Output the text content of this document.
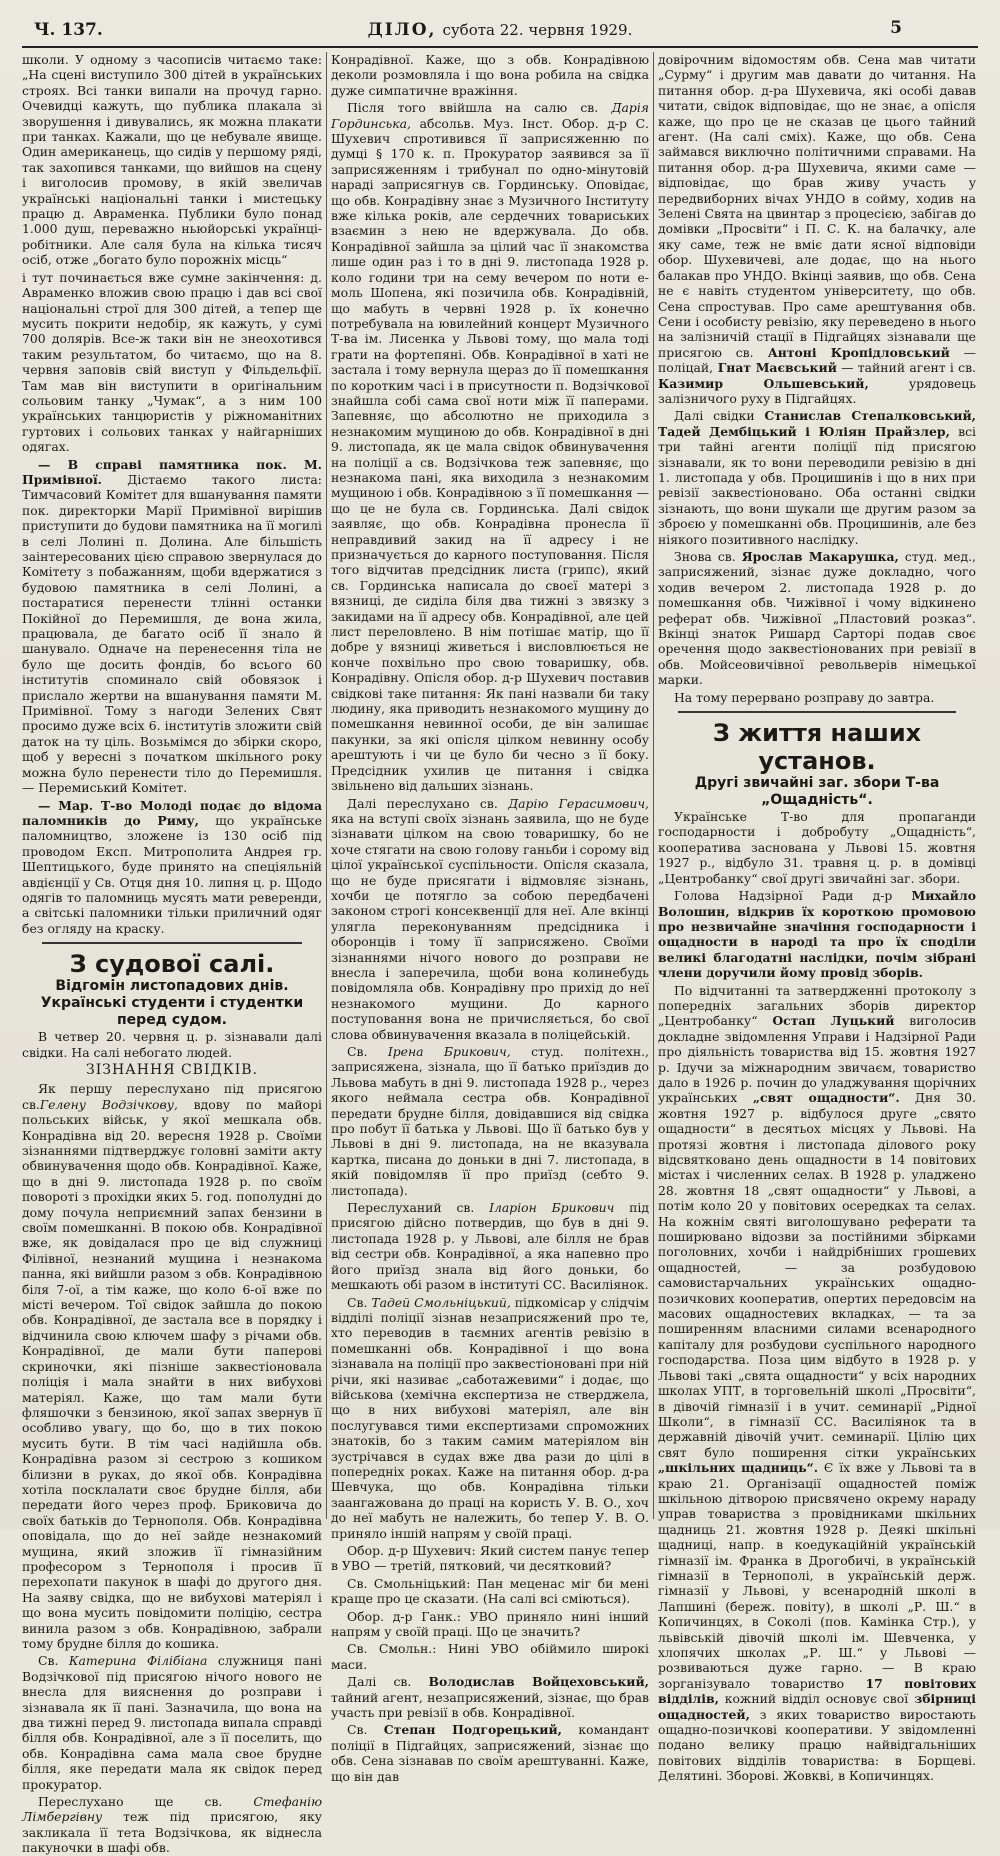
Ч. 137.	ДІЛО, субота 22. червня 1929.	5

школи. У одному з часописів читаємо таке: „На сцені виступило 300 дітей в українських строях. Всі танки випали на прочуд гарно. Очевидці кажуть, що публика плакала зі зворушення і дивувались, як можна плакати при танках. Кажали, що це небувале явище. Один американець, що сидів у першому ряді, так захопився танками, що вийшов на сцену і виголосив промову, в якій звеличав українські національні танки і мистецьку працю д. Авраменка. Публики було понад 1.000 душ, переважно ньюйорські українці-робітники. Але саля була на кілька тисяч осіб, отже „богато було порожніх місць“

і тут починається вже сумне закінчення: д. Авраменко вложив свою працю і дав всі свої національні строї для 300 дітей, а тепер ще мусить покрити недобір, як кажуть, у сумі 700 долярів. Все-ж таки він не знеохотився таким результатом, бо читаємо, що на 8. червня заповів свій виступ у Фільдельфії. Там мав він виступити в оригінальним сольовим танку „Чумак“, а з ним 100 українських танцюристів у ріжноманітних гуртових і сольових танках у найгарніших одягах.

— В справі памятника пок. М. Примівної. Дістаємо такого листа: Тимчасовий Комітет для вшанування памяти пок. директорки Марії Примівної вирішив приступити до будови памятника на її могилі в селі Лолині п. Долина. Але більшість заінтересованих цією справою звернулася до Комітету з побажанням, щоби вдержатися з будовою памятника в селі Лолині, а постаратися перенести тлінні останки Покійної до Перемишля, де вона жила, працювала, де багато осіб її знало й шанувало. Одначе на перенесення тіла не було ще досить фондів, бо всього 60 інститутів споминало свій обовязок і прислало жертви на вшанування памяти М. Примівної. Тому з нагоди Зелених Свят просимо дуже всіх 6. інститутів зложити свій даток на ту ціль. Возьмімся до збірки скоро, щоб у вересні з початком шкільного року можна було перенести тіло до Перемишля. — Перемиський Комітет.

— Мар. Т-во Молоді подає до відома паломників до Риму, що українське паломництво, зложене із 130 осіб під проводом Експ. Митрополита Андрея гр. Шептицького, буде принято на спеціяльній авдієнції у Св. Отця дня 10. липня ц. р. Щодо одягів то паломниць мусять мати реверенди, а світські паломники тільки приличний одяг без огляду на краску.

З судової салі.
Відгомін листопадових днів.
Українські студенти і студентки перед судом.

В четвер 20. червня ц. р. зізнавали далі свідки. На салі небогато людей.

ЗІЗНАННЯ СВІДКІВ.

Як першу переслухано під присягою св.Гелену Водзічкову, вдову по майорі польських військ, у якої мешкала обв. Конрадівна від 20. вересня 1928 р. Своїми зізнаннями підтверджує головні заміти акту обвинувачення щодо обв. Конрадівної. Каже, що в дні 9. листопада 1928 р. по своїм повороті з прохідки яких 5. год. пополудні до дому почула неприємний запах бензини в своїм помешканні. В покою обв. Конрадівної вже, як довідалася про це від служниці Філівної, незнаний мущина і незнакома панна, які вийшли разом з обв. Конрадівною біля 7-ої, а тім каже, що коло 6-ої вже по місті вечером. Тої свідок зайшла до покою обв. Конрадівної, де застала все в порядку і відчинила свою ключем шафу з річами обв. Конрадівної, де мали бути паперові скриночки, які пізніше заквестіоновала поліція і мала знайти в них вибухові матеріял. Каже, що там мали бути фляшочки з бензиною, якої запах звернув її особливо увагу, що бо, що в тих покою мусить бути. В тім часі надійшла обв. Конрадівна разом зі сестрою з кошиком білизни в руках, до якої обв. Конрадівна хотіла посклалати своє брудне білля, аби передати його через проф. Бриковича до своїх батьків до Тернополя. Обв. Конрадівна оповідала, що до неї зайде незнакомий мущина, який зложив її гімназійним професором з Тернополя і просив її перехопати пакунок в шафі до другого дня. На заяву свідка, що не вибухові матеріял і що вона мусить повідомити поліцію, сестра винила разом з обв. Конрадівною, забрали тому брудне білля до кошика.

Св. Катерина Філібіана служниця пані Водзічкової під присягою нічого нового не внесла для вияснення до розправи і зізнавала як її пані. Зазначила, що вона на два тижні перед 9. листопада випала справді білля обв. Конрадівної, але з її поселить, що обв. Конрадівна сама мала свое брудне білля, яке передати мала як свідок перед прокуратор.

Переслухано ще св. Стефанію Лімбергівну теж під присягою, яку закликала її тета Водзічкова, як віднесла пакуночки в шафі обв.

Конрадівної. Каже, що з обв. Конрадівною деколи розмовляла і що вона робила на свідка дуже симпатичне вражіння.

Після того ввійшла на салю св. Дарія Гординська, абсольв. Муз. Інст. Обор. д-р С. Шухевич спротивився її заприсяженню по думці § 170 к. п. Прокуратор заявився за її заприсяженням і трибунал по одно-мінутовій нараді заприсягнув св. Гординську. Оповідає, що обв. Конрадівну знає з Музичного Інституту вже кілька років, але сердечних товариських взаємин з нею не вдержувала. До обв. Конрадівної зайшла за цілий час її знакомства лише один раз і то в дні 9. листопада 1928 р. коло години три на сему вечером по ноти е-моль Шопена, які позичила обв. Конрадівній, що мабуть в червні 1928 р. їх конечно потребувала на ювилейний концерт Музичного Т-ва ім. Лисенка у Львові тому, що мала тоді грати на фортепяні. Обв. Конрадівної в хаті не застала і тому вернула щераз до її помешкання по коротким часі і в присутности п. Водзічкової знайшла собі сама свої ноти між її паперами. Запевняє, що абсолютно не приходила з незнакомим мущиною до обв. Конрадівної в дні 9. листопада, як це мала свідок обвинувачення на поліції а св. Водзічкова теж запевняє, що незнакома пані, яка виходила з незнакомим мущиною і обв. Конрадівною з її помешкання — що це не була св. Гординська. Далі свідок заявляє, що обв. Конрадівна пронесла її неправдивий закид на її адресу і не призначується до карного поступовання. Після того відчитав предсідник листа (грипс), який св. Гординська написала до своєї матері з вязниці, де сиділа біля два тижні з звязку з закидами на її адресу обв. Конрадівної, але цей лист переловлено. В нім потішає матір, що її добре у вязниці живеться і висловлюється не конче похвільно про свою товаришку, обв. Конрадівну. Опісля обор. д-р Шухевич поставив свідкові таке питання: Як пані назвали би таку людину, яка приводить незнакомого мущину до помешкання невинної особи, де він залишає пакунки, за які опісля цілком невинну особу арештують і чи це було би чесно з її боку. Предсідник ухилив це питання і свідка звільнено від дальших зізнань.

Далі переслухано св. Дарію Герасимович, яка на вступі своїх зізнань заявила, що не буде зізнавати цілком на свою товаришку, бо не хоче стягати на свою голову ганьби і сорому від цілої української суспільности. Опісля сказала, що не буде присягати і відмовляє зізнань, хочби це потягло за собою передбачені законом строгі консеквенції для неї. Але вкінці уляглa переконуванням предсідника і оборонців і тому її заприсяжено. Своїми зізнаннями нічого нового до розправи не внесла і заперечила, щоби вона колинебудь повідомляла обв. Конрадівну про прихід до неї незнакомого мущини. До карного поступовання вона не причисляється, бо свої слова обвинувачення вказала в поліцейській.

Св. Ірена Брикович, студ. політехн., заприсяжена, зізнала, що її батько приїздив до Львова мабуть в дні 9. листопада 1928 р., через якого неймала сестра обв. Конрадівної передати брудне білля, довідавшися від свідка про побут її батька у Львові. Що її батько був у Львові в дні 9. листопада, на не вказувала картка, писана до доньки в дні 7. листопада, в якій повідомляв її про приїзд (себто 9. листопада).

Переслуханий св. Іларіон Брикович під присягою дійсно потвердив, що був в дні 9. листопада 1928 р. у Львові, але білля не брав від сестри обв. Конрадівної, а яка напевно про його приїзд знала від його доньки, бо мешкають обі разом в інституті СС. Василіянок.

Св. Тадей Смольніцький, підкомісар у слідчім відділі поліції зізнав незаприсяжений про те, хто переводив в таємних агентів ревізію в помешканні обв. Конрадівної і що вона зізнавала на поліції про заквестіоновані при ній річи, які називає „саботажевими“ і додає, що військова (хемічна експертиза не стверджела, що в них вибухові матеріял, але він послугувався тими експертизами спроможних знатоків, бо з таким самим матеріялом він зустрічався в судах вже два рази до цілі в попередніх роках. Каже на питання обор. д-ра Шевчука, що обв. Конрадівна тільки заангажована до праці на користь У. В. О., хоч до неї мабуть не належить, бо тепер У. В. О. приняло іншій напрям у своїй праці.

Обор. д-р Шухевич: Який систем панує тепер в УВО — третій, пятковий, чи десятковий?

Св. Смольніцький: Пан меценас міг би мені краще про це сказати. (На салі всі сміються).

Обор. д-р Ганк.: УВО приняло нині інший напрям у своїй праці. Що це значить?

Св. Смольн.: Нині УВО обіймило широкі маси.

Далі св. Володислав Войцеховський, тайний агент, незаприсяжений, зізнає, що брав участь при ревізії в обв. Конрадівної.

Св. Степан Подгорецький, командант поліції в Підгайцях, заприсяжений, зізнає що обв. Сена зізнавав по своїм арештуванні. Каже, що він дав

довірочним відомостям обв. Сена мав читати „Сурму“ і другим мав давати до читання. На питання обор. д-ра Шухевича, які особі давав читати, свідок відповідає, що не знає, а опісля каже, що про це не сказав це цього тайний агент. (На салі сміх). Каже, що обв. Сена займався виключно політичними справами. На питання обор. д-ра Шухевича, якими саме — відповідає, що брав живу участь у передвиборних вічах УНДО в сойму, ходив на Зелені Свята на цвинтар з процесією, забігав до домівки „Просвіти“ і П. С. К. на балачку, але яку саме, теж не вміє дати ясної відповіди обор. Шухевичеві, але додає, що на нього балакав про УНДО. Вкінці заявив, що обв. Сена не є навіть студентом університету, що обв. Сена спростував. Про саме арештування обв. Сени і особисту ревізію, яку переведено в нього на залізничій стації в Підгайцях зізнавали ще присягою св. Антоні Кропідловський — поліцай, Гнат Маєвський — тайний агент і св. Казимир Ольшевський, урядовець залізничого руху в Підгайцях.

Далі свідки Станислав Степалковський, Тадей Дембіцький і Юліян Прайзлер, всі три тайні агенти поліції під присягою зізнавали, як то вони переводили ревізію в дні 1. листопада у обв. Процишинів і що в них при ревізії заквестіоновано. Оба останні свідки зізнають, що вони шукали ще другим разом за зброєю у помешканні обв. Процишинів, але без ніякого позитивного наслідку.

Знова св. Ярослав Макарушка, студ. мед., заприсяжений, зізнає дуже докладно, чого ходив вечером 2. листопада 1928 р. до помешкання обв. Чижівної і чому відкинено реферат обв. Чижівної „Пластовий розказ“. Вкінці знаток Ришард Сарторі подав своє оречення щодо заквестіонованих при ревізії в обв. Мойсеовичівної револьверів німецької марки.

На тому перервано розправу до завтра.

З життя наших установ.
Другі звичайні заг. збори Т-ва „Ощадність“.

Українське Т-во для пропаганди господарности і добробуту „Ощадність“, кооператива заснована у Львові 15. жовтня 1927 р., відбуло 31. травня ц. р. в домівці „Центробанку“ свої другі звичайні заг. збори.

Голова Надзірної Ради д-р Михайло Волошин, відкрив їх короткою промовою про незвичайне значіння господарности і ощадности в народі та про їх споділи великі благодатні наслідки, почім зібрані члени доручили йому провід зборів.

По відчитанні та затвердженні протоколу з попередніх загальних зборів директор „Центробанку“ Остап Луцький виголосив докладне звідомлення Управи і Надзірної Ради про діяльність товариства від 15. жовтня 1927 р. Ідучи за міжнародним звичаєм, товариство дало в 1926 р. почин до уладжування щорічних українських „свят ощадности“. Дня 30. жовтня 1927 р. відбулося друге „свято ощадности“ в десятьох місцях у Львові. На протязі жовтня і листопада ділового року відсвятковано день ощадности в 14 повітових містах і численних селах. В 1928 р. уладжено 28. жовтня 18 „свят ощадности“ у Львові, а потім коло 20 у повітових осередках та селах. На кожнім святі виголошувано реферати та поширювано відозви за постійними збірками поголовних, хочби і найдрібніших грошевих ощадностей, — за розбудовою самовистарчальних українських ощадно-позичкових кооператив, опертих передовсім на масових ощадностевих вкладках, — та за поширенням власними силами всенародного капіталу для розбудови суспільного народного господарства. Поза цим відбуто в 1928 р. у Львові такі „свята ощадности“ у всіх народних школах УПТ, в торговельній школі „Просвіти“, в дівочій гімназії і в учит. семинарії „Рідної Школи“, в гімназії СС. Василіянок та в державній дівочій учит. семинарії. Цілію цих свят було поширення сітки українських „шкільних щадниць“. Є їх вже у Львові та в краю 21. Організації ощадностей поміж шкільною дітворою присвячено окрему нараду управ товариства з провідниками шкільних щадниць 21. жовтня 1928 р. Деякі шкільні щадниці, напр. в коедукаційній українській гімназії ім. Франка в Дрогобичі, в українській гімназії в Тернополі, в українській держ. гімназії у Львові, у всенародній школі в Лапшині (береж. повіту), в школі „Р. Ш.“ в Копичинцях, в Соколі (пов. Камінка Стр.), у львівській дівочій школі ім. Шевченка, у хлопячих школах „Р. Ш.“ у Львові — розвиваються дуже гарно. — В краю зорганізувало товариство 17 повітових відділів, кожний відділ основує свої збірниці ощадностей, з яких товариство виростають ощадно-позичкові кооперативи. У звідомленні подано велику працю найвідгальніших повітових відділів товариства: в Борщеві. Делятині. Зборові. Жовкві, в Копичинцях.
